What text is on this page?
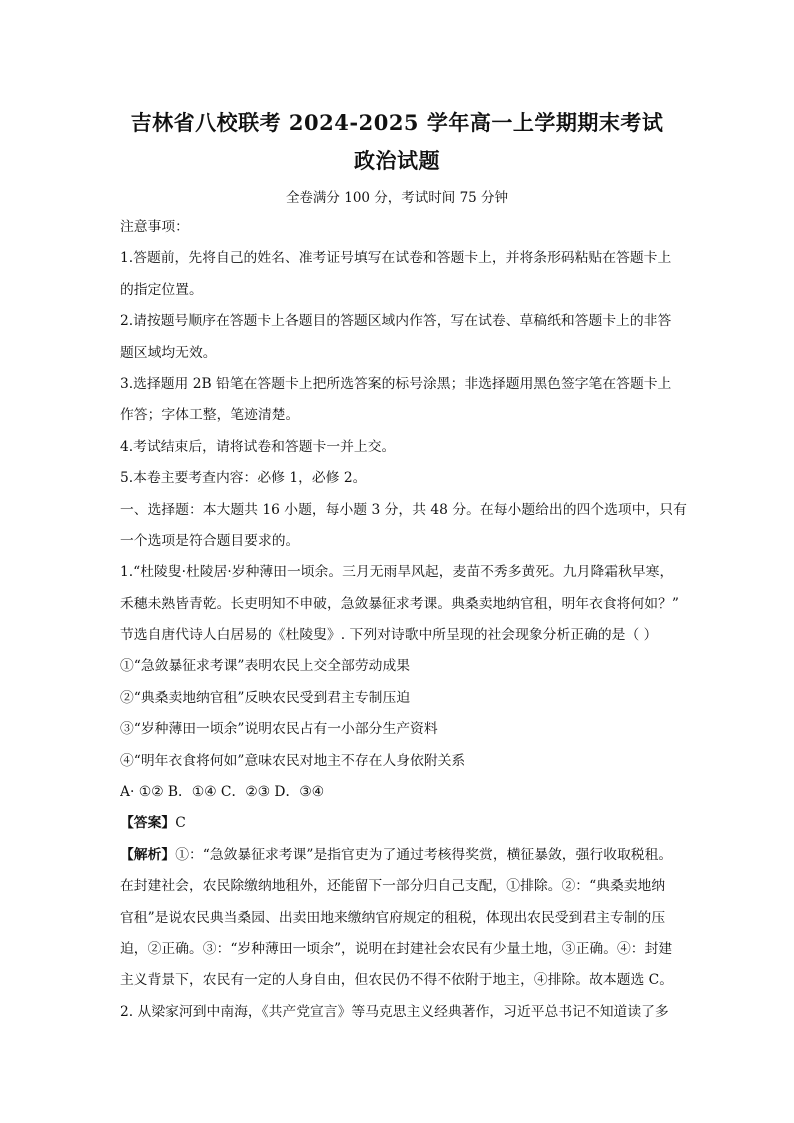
吉林省八校联考 2024-2025 学年高一上学期期末考试
政治试题
全卷满分 100 分，考试时间 75 分钟
注意事项：
1.答题前，先将自己的姓名、准考证号填写在试卷和答题卡上，并将条形码粘贴在答题卡上
的指定位置。
2.请按题号顺序在答题卡上各题目的答题区域内作答，写在试卷、草稿纸和答题卡上的非答
题区域均无效。
3.选择题用 2B 铅笔在答题卡上把所选答案的标号涂黑；非选择题用黑色签字笔在答题卡上
作答；字体工整，笔迹清楚。
4.考试结束后，请将试卷和答题卡一并上交。
5.本卷主要考查内容：必修 1，必修 2。
一、选择题：本大题共 16 小题，每小题 3 分，共 48 分。在每小题给出的四个选项中，只有
一个选项是符合题目要求的。
1.“杜陵叟·杜陵居·岁种薄田一顷余。三月无雨旱风起，麦苗不秀多黄死。九月降霜秋早寒，
禾穗未熟皆青乾。长吏明知不申破，急敛暴征求考课。典桑卖地纳官租，明年衣食将何如？”
节选自唐代诗人白居易的《杜陵叟》. 下列对诗歌中所呈现的社会现象分析正确的是（ ）
①“急敛暴征求考课”表明农民上交全部劳动成果
②“典桑卖地纳官租”反映农民受到君主专制压迫
③“岁种薄田一顷余”说明农民占有一小部分生产资料
④“明年衣食将何如”意味农民对地主不存在人身依附关系
A· ①② B．①④ C．②③ D．③④
【答案】C
【解析】①：“急敛暴征求考课”是指官吏为了通过考核得奖赏，横征暴敛，强行收取税租。
在封建社会，农民除缴纳地租外，还能留下一部分归自己支配，①排除。②：“典桑卖地纳
官租”是说农民典当桑园、出卖田地来缴纳官府规定的租税，体现出农民受到君主专制的压
迫，②正确。③：“岁种薄田一顷余”，说明在封建社会农民有少量土地，③正确。④：封建
主义背景下，农民有一定的人身自由，但农民仍不得不依附于地主，④排除。故本题选 C。
2. 从梁家河到中南海，《共产党宣言》等马克思主义经典著作，习近平总书记不知道读了多
